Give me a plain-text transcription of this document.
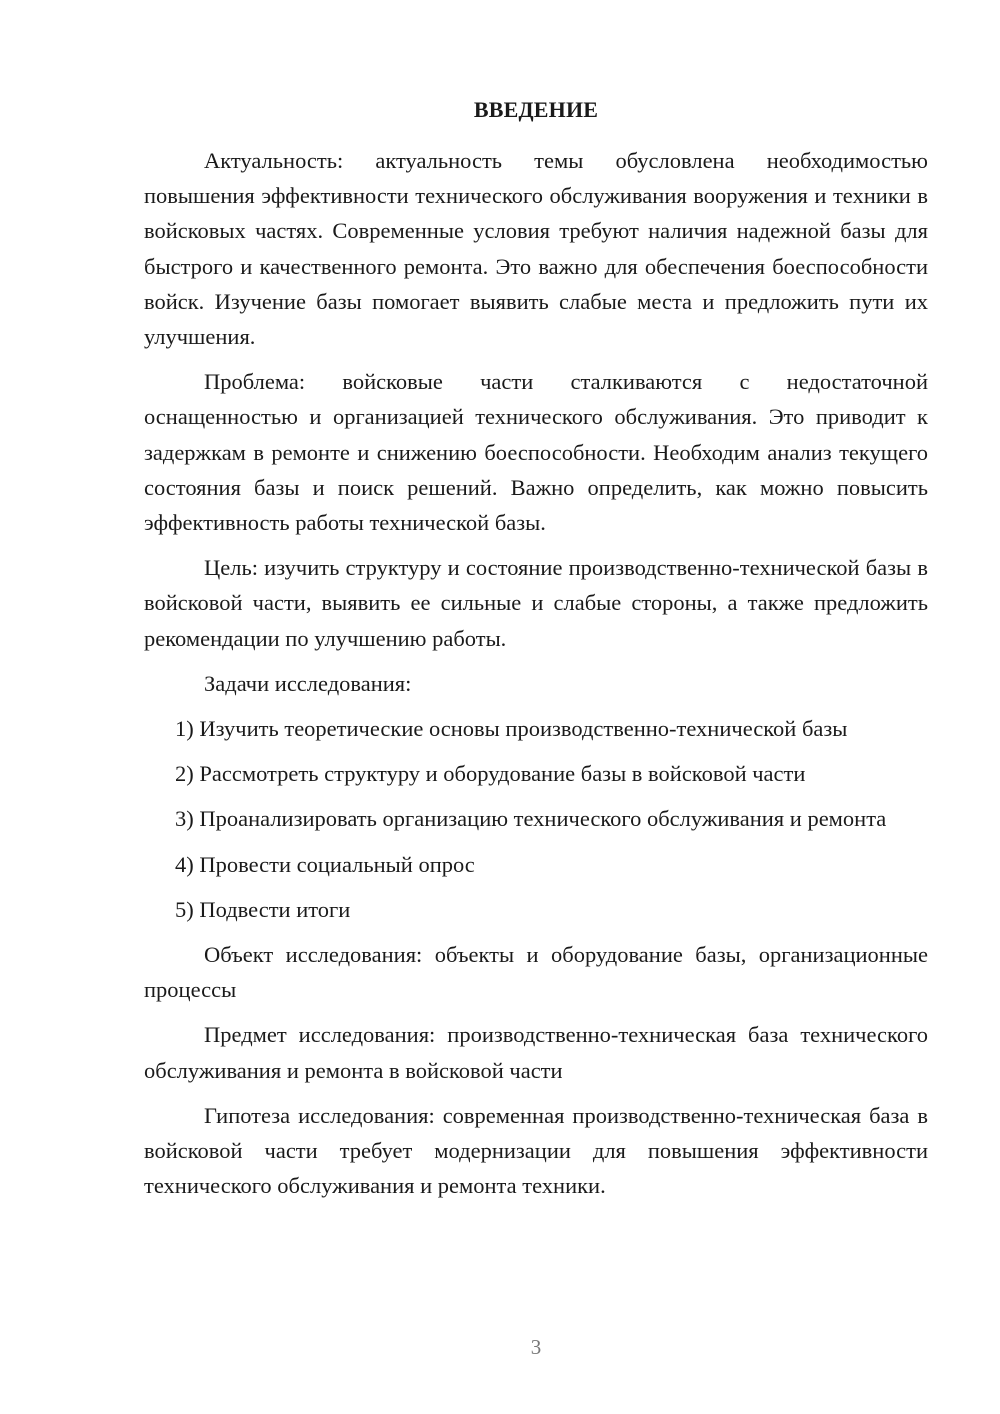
ВВЕДЕНИЕ

Актуальность: актуальность темы обусловлена необходимостью повышения эффективности технического обслуживания вооружения и техники в войсковых частях. Современные условия требуют наличия надежной базы для быстрого и качественного ремонта. Это важно для обеспечения боеспособности войск. Изучение базы помогает выявить слабые места и предложить пути их улучшения.

Проблема: войсковые части сталкиваются с недостаточной оснащенностью и организацией технического обслуживания. Это приводит к задержкам в ремонте и снижению боеспособности. Необходим анализ текущего состояния базы и поиск решений. Важно определить, как можно повысить эффективность работы технической базы.

Цель: изучить структуру и состояние производственно-технической базы в войсковой части, выявить ее сильные и слабые стороны, а также предложить рекомендации по улучшению работы.

Задачи исследования:

1) Изучить теоретические основы производственно-технической базы

2) Рассмотреть структуру и оборудование базы в войсковой части

3) Проанализировать организацию технического обслуживания и ремонта

4) Провести социальный опрос

5) Подвести итоги

Объект исследования: объекты и оборудование базы, организационные процессы

Предмет исследования: производственно-техническая база технического обслуживания и ремонта в войсковой части

Гипотеза исследования: современная производственно-техническая база в войсковой части требует модернизации для повышения эффективности технического обслуживания и ремонта техники.

3
